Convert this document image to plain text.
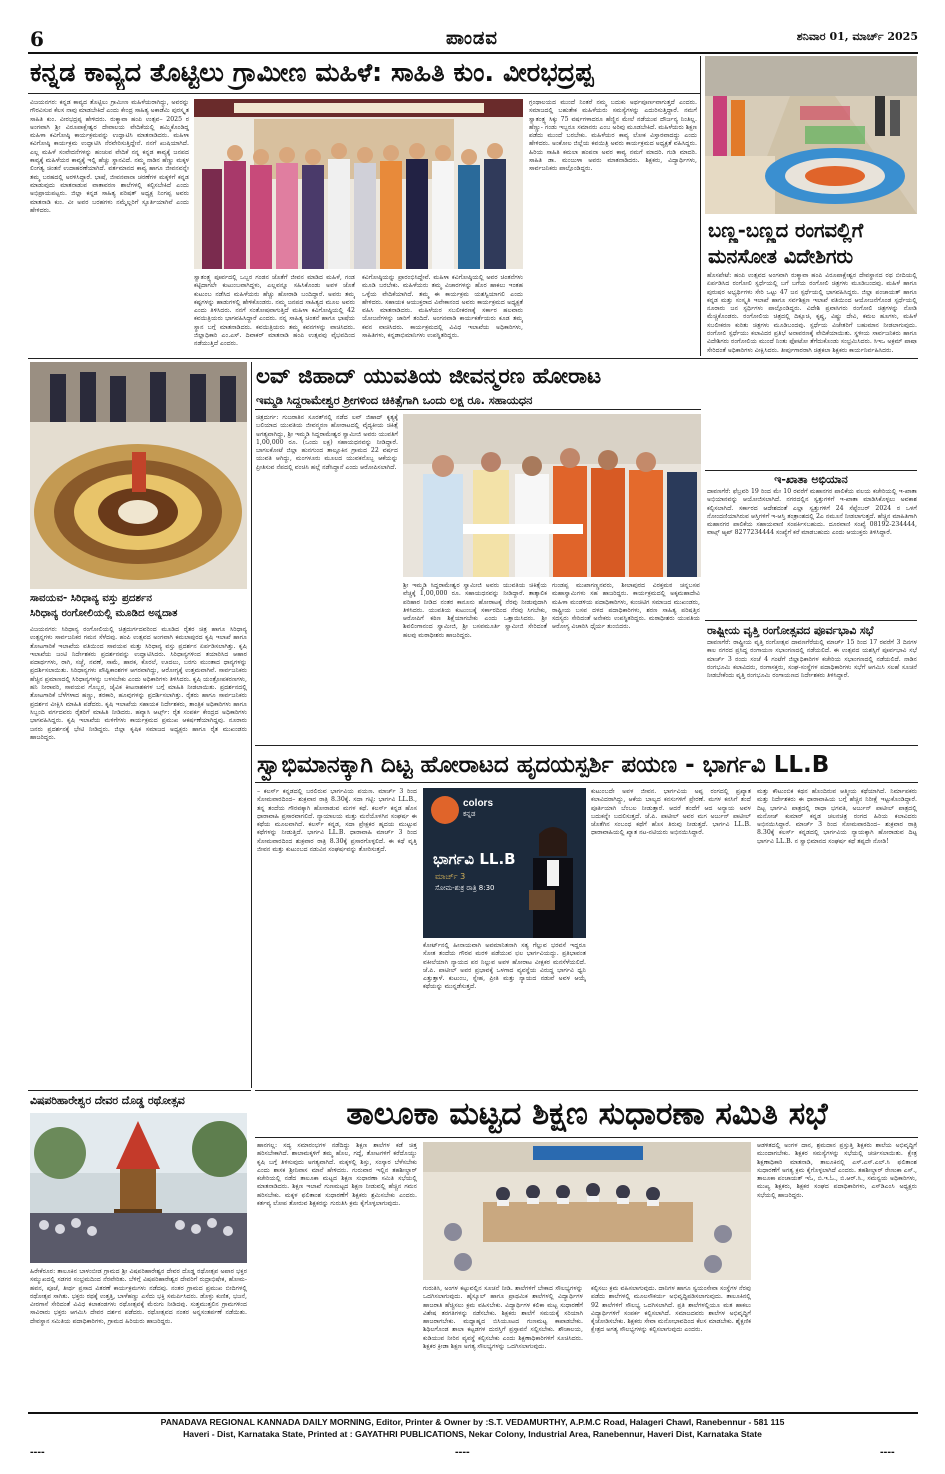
6	ಪಾಂಡವ	ಶನಿವಾರ 01, ಮಾರ್ಚ್ 2025
ಕನ್ನಡ ಕಾವ್ಯದ ತೊಟ್ಟಿಲು ಗ್ರಾಮೀಣ ಮಹಿಳೆ: ಸಾಹಿತಿ ಕುಂ. ವೀರಭದ್ರಪ್ಪ
ವಿಜಯನಗರ: ಕನ್ನಡ ಕಾವ್ಯದ ತೊಟ್ಟಿಲು ಗ್ರಾಮೀಣ ಮಹಿಳೆಯರಾಗಿದ್ದು, ಅವರನ್ನು ಗೌರವಿಸುವ ಕೆಲಸ ನಾವು ಮಾಡಬೇಕಿದೆ ಎಂದು ಕೇಂದ್ರ ಸಾಹಿತ್ಯ ಅಕಾಡೆಮಿ ಪುರಸ್ಕೃತ ಸಾಹಿತಿ ಕುಂ. ವೀರಭದ್ರಪ್ಪ ಹೇಳಿದರು. ರುಕ್ಮಾವಾ ಹಂಪಿ ಉತ್ಸವ– 2025 ರ ಅಂಗವಾಗಿ ಶ್ರೀ ವಿರೂಪಾಕ್ಷೇಶ್ವರ ದೇವಾಲಯ ವೇದಿಕೆಯಲ್ಲಿ ಹಮ್ಮಿಕೊಂಡಿದ್ದ ಮಹಿಳಾ ಕವಿಗೋಷ್ಠಿ ಕಾರ್ಯಕ್ರಮವನ್ನು ಉದ್ಘಾಟಿಸಿ ಮಾತನಾಡಿದರು. ಮಹಿಳಾ ಕವಿಗೋಷ್ಠಿ ಕಾರ್ಯಕ್ರಮ ಉದ್ಘಾಟಿಸಿ ನೆರವೇರಿಸುತ್ತಿದ್ದೇನೆ. ನನಗೆ ಖುಷಿಯಾಗಿದೆ. ಎಲ್ಲ ಮಹಿಳೆ ಸಂವೇದನೆಗಳನ್ನು ಹಂಚುವ ವೇದಿಕೆ ನನ್ನ ಕನ್ನಡ ಕಾವ್ಯಕ್ಕೆ ಜನಪದ ಕಾವ್ಯಕ್ಕೆ ಮಹಿಳೆಯರ ಕಾವ್ಯಕ್ಕೆ ಇಲ್ಲಿ ಹೆಚ್ಚು ಸ್ಥಾನವಿದೆ. ನಮ್ಮ ನಾಡಿನ ಹೆಣ್ಣು ಮಕ್ಕಳ ಲಿಂಗತ್ವ ಚಿಂತನೆ ಉದಾಹರಣೆಯಾಗಿದೆ. ವರ್ತಮಾನದ ಕಾವ್ಯ ಹಾಗೂ ಜೀವನವನ್ನೇ ತಮ್ಮ ಬರಹದಲ್ಲಿ ಅರಳಿಸಿದ್ದಾರೆ. ಭಾಷೆ, ಜೀವನವಾನಾ ಚರಣೆಗಳ ಮಕ್ಕಳಿಗೆ ಕನ್ನಡ ಮಾಡುವುದು ಮಾತನಾಡುವ ವಾತಾವರಣ ಶಾಲೆಗಳಲ್ಲಿ ಕಲ್ಪಿಸಬೇಕಿದೆ ಎಂದು ಅಭಿಪ್ರಾಯಪಟ್ಟರು. ಜಿಲ್ಲಾ ಕನ್ನಡ ಸಾಹಿತ್ಯ ಪರಿಷತ್ ಅಧ್ಯಕ್ಷ ನಿಂಗಪ್ಪ ಅವರು ಮಾತನಾಡಿ ಕುಂ. ವೀ ಅವರ ಬರಹಗಳು ನಮ್ಮೆಲ್ಲರಿಗೆ ಸ್ಫೂರ್ತಿಯಾಗಿವೆ ಎಂದು ಹೇಳಿದರು.
ಸ್ವಾತಂತ್ರ್ಯ ಪೂರ್ವದಲ್ಲಿ ಒಬ್ಬರ ಗಂಡನ ಜೊತೆಗೆ ಜೀವನ ಮಾಡಿದ ಮಹಿಳೆ, ಗಂಡ ಕಟ್ಟಿದಾಗಲೇ ಕುಟುಂಬವಾಗಿದ್ದಳು, ಎಲ್ಲವನ್ನೂ ಸಹಿಸಿಕೊಂಡು ಅವಳ ಜೊತೆ ಕುಟುಂಬ ನಡೆಸಿದ ಮಹಿಳೆಯರು ಹೆಚ್ಚು ಹೋರಾಡಿ ಬಂದಿದ್ದಾರೆ. ಅವರು ತಮ್ಮ ಕಷ್ಟಗಳನ್ನು ಹಾಡುಗಳಲ್ಲಿ ಹೇಳಿಕೊಂಡರು. ನಮ್ಮ ಜನಪದ ಸಾಹಿತ್ಯದ ಮೂಲ ಅವರು ಎಂದು ತಿಳಿಸಿದರು. ನನಗೆ ಸಂತೋಷವಾಗುತ್ತಿದೆ ಮಹಿಳಾ ಕವಿಗೋಷ್ಠಿಯಲ್ಲಿ 42 ಕವಯಿತ್ರಿಯರು ಭಾಗವಹಿಸಿದ್ದಾರೆ ಎಂದರು. ನನ್ನ ಸಾಹಿತ್ಯ ಚಿಂತನೆ ಹಾಗೂ ಭಾಷೆಯ ಸ್ಥಾನ ಬಗ್ಗೆ ಮಾತನಾಡಿದರು. ಕವಯಿತ್ರಿಯರು ತಮ್ಮ ಕವನಗಳನ್ನು ವಾಚಿಸಿದರು. ಜಿಲ್ಲಾಧಿಕಾರಿ ಎಂ.ಎಸ್. ದಿವಾಕರ್ ಮಾತನಾಡಿ ಹಂಪಿ ಉತ್ಸವವು ವೈಭವದಿಂದ ನಡೆಯುತ್ತಿದೆ ಎಂದರು.
ಕವಿಗೋಷ್ಠಿಯನ್ನು ಪ್ರಾರಂಭಿಸಿದ್ದೇವೆ. ಮಹಿಳಾ ಕವಿಗೋಷ್ಠಿಯಲ್ಲಿ ಅವರ ಚಿಂತನೆಗಳು ಮೂಡಿ ಬರಬೇಕು. ಮಹಿಳೆಯರು ತಮ್ಮ ವಿಚಾರಗಳನ್ನು ಹೊರ ಹಾಕಲು ಇಂತಹ ಒಳ್ಳೆಯ ವೇದಿಕೆಯಾಗಿದೆ. ತಮ್ಮ ಈ ಕಾರ್ಯಕ್ರಮ ಯಶಸ್ವಿಯಾಗಲಿ ಎಂದು ಹೇಳಿದರು. ಸಹಾಯಕ ಆಯುಕ್ತರಾದ ವಿವೇಕಾನಂದ ಅವರು ಕಾರ್ಯಕ್ರಮದ ಅಧ್ಯಕ್ಷತೆ ವಹಿಸಿ ಮಾತನಾಡಿದರು. ಮಹಿಳೆಯರ ಸಬಲೀಕರಣಕ್ಕೆ ಸರ್ಕಾರ ಹಲವಾರು ಯೋಜನೆಗಳನ್ನು ಜಾರಿಗೆ ತಂದಿದೆ. ಅಂಗನವಾಡಿ ಕಾರ್ಯಕರ್ತೆಯರು ಕೂಡ ತಮ್ಮ ಕವನ ವಾಚಿಸಿದರು. ಕಾರ್ಯಕ್ರಮದಲ್ಲಿ ವಿವಿಧ ಇಲಾಖೆಯ ಅಧಿಕಾರಿಗಳು, ಸಾಹಿತಿಗಳು, ಕನ್ನಡಾಭಿಮಾನಿಗಳು ಉಪಸ್ಥಿತರಿದ್ದರು.
ಗ್ರಂಥಾಲಯದ ಮುಂದೆ ನಿಂತರೆ ನಮ್ಮ ಬದುಕು ಅರ್ಥಪೂರ್ಣವಾಗುತ್ತದೆ ಎಂದರು. ಸಮಾಜದಲ್ಲಿ ಬಹುತೇಕ ಮಹಿಳೆಯರು ಸಮಸ್ಯೆಗಳನ್ನು ಎದುರಿಸುತ್ತಿದ್ದಾರೆ. ನಮಗೆ ಸ್ವಾತಂತ್ರ್ಯ ಸಿಕ್ಕು 75 ವರ್ಷಗಳಾದರೂ ಹೆಣ್ಣಿನ ಮೇಲೆ ನಡೆಯುವ ದೌರ್ಜನ್ಯ ನಿಂತಿಲ್ಲ. ಹೆಣ್ಣು- ಗಂಡು ಇಬ್ಬರೂ ಸಮಾನರು ಎಂಬ ಅರಿವು ಮೂಡಬೇಕಿದೆ. ಮಹಿಳೆಯರು ಶಿಕ್ಷಣ ಪಡೆದು ಮುಂದೆ ಬರಬೇಕು. ಮಹಿಳೆಯರ ಕಾವ್ಯ ಲೋಕ ವಿಸ್ತಾರವಾದದ್ದು ಎಂದು ಹೇಳಿದರು. ಅಂಕೋಲ ಜಿಲ್ಲೆಯ ಕವಯಿತ್ರಿ ಅವರು ಕಾರ್ಯಕ್ರಮದ ಅಧ್ಯಕ್ಷತೆ ವಹಿಸಿದ್ದರು. ಹಿರಿಯ ಸಾಹಿತಿ ಕಮಲಾ ಹಂಪನಾ ಅವರ ಕಾವ್ಯ ನಮಗೆ ಮಾದರಿ. ಗುಡಿ ಮಾದರಿ. ಸಾಹಿತಿ ಡಾ. ಮಂಜುಳಾ ಅವರು ಮಾತನಾಡಿದರು. ಶಿಕ್ಷಕರು, ವಿದ್ಯಾರ್ಥಿಗಳು, ಸಾರ್ವಜನಿಕರು ಪಾಲ್ಗೊಂಡಿದ್ದರು.
ಬಣ್ಣ-ಬಣ್ಣದ ರಂಗವಲ್ಲಿಗೆ
ಮನಸೋತ ವಿದೇಶಿಗರು
ಹೊಸಪೇಟೆ: ಹಂಪಿ ಉತ್ಸವದ ಅಂಗವಾಗಿ ರುಕ್ಮಾವಾ ಹಂಪಿ ವಿರೂಪಾಕ್ಷೇಶ್ವರ ದೇವಸ್ಥಾನದ ರಥ ಬೀದಿಯಲ್ಲಿ ಏರ್ಪಡಿಸಿದ ರಂಗೋಲಿ ಸ್ಪರ್ಧೆಯಲ್ಲಿ ಬಗೆ ಬಗೆಯ ರಂಗೋಲಿ ಚಿತ್ರಗಳು ಮೂಡಿಬಂದವು. ಮಹಿಳೆ ಹಾಗೂ ಪುರುಷರ ಅಭ್ಯರ್ಥಿಗಳು ಸೇರಿ ಒಟ್ಟು 47 ಜನ ಸ್ಪರ್ಧೆಯಲ್ಲಿ ಭಾಗವಹಿಸಿದ್ದರು. ಜಿಲ್ಲಾ ಪಂಚಾಯತ್ ಹಾಗೂ ಕನ್ನಡ ಮತ್ತು ಸಂಸ್ಕೃತಿ ಇಲಾಖೆ ಹಾಗೂ ಸರ್ವಶಿಕ್ಷಣ ಇಲಾಖೆ ವತಿಯಿಂದ ಆಯೋಜನೆಗೊಂಡ ಸ್ಪರ್ಧೆಯಲ್ಲಿ ನೂರಾರು ಜನ ಸ್ಪರ್ಧಿಗಳು ಪಾಲ್ಗೊಂಡಿದ್ದರು. ವಿದೇಶಿ ಪ್ರವಾಸಿಗರು ರಂಗೋಲಿ ಚಿತ್ರಗಳನ್ನು ನೋಡಿ ಮೆಚ್ಚಿಕೊಂಡರು. ರಂಗೋಲಿಯ ಚಿತ್ರದಲ್ಲಿ ದಿಕ್ಸೂಚಿ, ಕೃಷ್ಣ, ವಿಷ್ಣು ದೇವಿ, ಕಮಲ ಹೂಗಳು, ಮಹಿಳೆ ಸಬಲೀಕರಣ ಕುರಿತು ಚಿತ್ರಗಳು ಮೂಡಿಬಂದವು. ಸ್ಪರ್ಧೆಯ ವಿಜೇತರಿಗೆ ಬಹುಮಾನ ನೀಡಲಾಗುವುದು. ರಂಗೋಲಿ ಸ್ಪರ್ಧೆಯು ಕಲಾವಿದರ ಪ್ರತಿಭೆ ಅನಾವರಣಕ್ಕೆ ವೇದಿಕೆಯಾಯಿತು. ಸ್ಥಳೀಯ ಸಾರ್ವಜನಿಕರು ಹಾಗೂ ವಿದೇಶಿಗರು ರಂಗೋಲಿಯ ಮುಂದೆ ನಿಂತು ಫೋಟೋ ತೆಗೆದುಕೊಂಡು ಸಂಭ್ರಮಿಸಿದರು. ಸಿಇಒ ಅಕ್ರಮ್ ಪಾಷಾ ಸೇರಿದಂತೆ ಅಧಿಕಾರಿಗಳು ವೀಕ್ಷಿಸಿದರು. ತೀರ್ಪುಗಾರರಾಗಿ ಚಿತ್ರಕಲಾ ಶಿಕ್ಷಕರು ಕಾರ್ಯನಿರ್ವಹಿಸಿದರು.
ಇ-ಖಾತಾ ಅಭಿಯಾನ
ದಾವಣಗೆರೆ: ಫೆಬ್ರವರಿ 19 ರಿಂದ ಮೇ 10 ರವರೆಗೆ ಮಹಾನಗರ ಪಾಲಿಕೆಯ ವಲಯ ಕಚೇರಿಯಲ್ಲಿ ಇ-ಖಾತಾ ಅಭಿಯಾನವನ್ನು ಆಯೋಜಿಸಲಾಗಿದೆ. ನಗರದಲ್ಲಿನ ಸ್ವತ್ತುಗಳಿಗೆ ಇ-ಖಾತಾ ಮಾಡಿಸಿಕೊಳ್ಳಲು ಅವಕಾಶ ಕಲ್ಪಿಸಲಾಗಿದೆ. ಸರ್ಕಾರದ ಆದೇಶದಂತೆ ಎಲ್ಲಾ ಸ್ವತ್ತುಗಳಿಗೆ 24 ಸೆಪ್ಟೆಂಬರ್ 2024 ರ ಒಳಗೆ ನೋಂದಣಿಯಾಗಿರುವ ಆಸ್ತಿಗಳಿಗೆ ಇ-ಆಸ್ತಿ ತಂತ್ರಾಂಶದಲ್ಲಿ 2ಎ ನಮೂನೆ ನೀಡಲಾಗುತ್ತದೆ. ಹೆಚ್ಚಿನ ಮಾಹಿತಿಗಾಗಿ ಮಹಾನಗರ ಪಾಲಿಕೆಯ ಸಹಾಯವಾಣಿ ಸಂಪರ್ಕಿಸಬಹುದು. ದೂರವಾಣಿ ಸಂಖ್ಯೆ 08192-234444, ವಾಟ್ಸ್ ಆ್ಯಪ್ 8277234444 ಸಂಖ್ಯೆಗೆ ಕರೆ ಮಾಡಬಹುದು ಎಂದು ಆಯುಕ್ತರು ತಿಳಿಸಿದ್ದಾರೆ.
ರಾಷ್ಟ್ರೀಯ ವೃತ್ತಿ ರಂಗೋತ್ಸವದ ಪೂರ್ವಭಾವಿ ಸಭೆ
ದಾವಣಗೆರೆ: ರಾಷ್ಟ್ರೀಯ ವೃತ್ತಿ ರಂಗೋತ್ಸವ ದಾವಣಗೆರೆಯಲ್ಲಿ ಮಾರ್ಚ್ 15 ರಿಂದ 17 ರವರೆಗೆ 3 ದಿನಗಳ ಕಾಲ ನಗರದ ಪ್ರಸಿದ್ಧ ರಂಗಾಯಣ ಸಭಾಂಗಣದಲ್ಲಿ ನಡೆಯಲಿದೆ. ಈ ಉತ್ಸವದ ಯಶಸ್ಸಿಗೆ ಪೂರ್ವಭಾವಿ ಸಭೆ ಮಾರ್ಚ್ 3 ರಂದು ಸಂಜೆ 4 ಗಂಟೆಗೆ ಜಿಲ್ಲಾಧಿಕಾರಿಗಳ ಕಚೇರಿಯ ಸಭಾಂಗಣದಲ್ಲಿ ನಡೆಯಲಿದೆ. ನಾಡಿನ ರಂಗಭೂಮಿ ಕಲಾವಿದರು, ರಂಗಾಸಕ್ತರು, ಸಂಘ-ಸಂಸ್ಥೆಗಳ ಪದಾಧಿಕಾರಿಗಳು ಸಭೆಗೆ ಆಗಮಿಸಿ ಸಲಹೆ ಸೂಚನೆ ನೀಡಬೇಕೆಂದು ವೃತ್ತಿ ರಂಗಭೂಮಿ ರಂಗಾಯಣದ ನಿರ್ದೇಶಕರು ತಿಳಿಸಿದ್ದಾರೆ.
ಸಾವಯವ- ಸಿರಿಧಾನ್ಯ ವಸ್ತು ಪ್ರದರ್ಶನ
ಸಿರಿಧಾನ್ಯ ರಂಗೋಲಿಯಲ್ಲಿ ಮೂಡಿದ ಅನ್ನದಾತ
ವಿಜಯನಗರ: ಸಿರಿಧಾನ್ಯ ರಂಗೋಲಿಯಲ್ಲಿ ಚಿತ್ರದುರ್ಗದವರಿಂದ ಮೂಡಿದ ರೈತರ ಚಿತ್ರ ಹಾಗೂ ಸಿರಿಧಾನ್ಯ ಉತ್ಪನ್ನಗಳು ಸಾರ್ವಜನಿಕರ ಗಮನ ಸೆಳೆದವು. ಹಂಪಿ ಉತ್ಸವದ ಅಂಗವಾಗಿ ಕಮಲಾಪುರದ ಕೃಷಿ ಇಲಾಖೆ ಹಾಗೂ ತೋಟಗಾರಿಕೆ ಇಲಾಖೆಯ ವತಿಯಿಂದ ಸಾವಯವ ಮತ್ತು ಸಿರಿಧಾನ್ಯ ವಸ್ತು ಪ್ರದರ್ಶನ ಏರ್ಪಡಿಸಲಾಗಿತ್ತು. ಕೃಷಿ ಇಲಾಖೆಯ ಜಂಟಿ ನಿರ್ದೇಶಕರು ಪ್ರದರ್ಶನವನ್ನು ಉದ್ಘಾಟಿಸಿದರು. ಸಿರಿಧಾನ್ಯಗಳಿಂದ ತಯಾರಿಸಿದ ಆಹಾರ ಪದಾರ್ಥಗಳು, ರಾಗಿ, ಸಜ್ಜೆ, ನವಣೆ, ಸಾಮೆ, ಹಾರಕ, ಕೊರಲೆ, ಊದಲು, ಬರಗು ಮುಂತಾದ ಧಾನ್ಯಗಳನ್ನು ಪ್ರದರ್ಶಿಸಲಾಯಿತು. ಸಿರಿಧಾನ್ಯಗಳು ಪೌಷ್ಟಿಕಾಂಶಗಳ ಆಗರವಾಗಿದ್ದು, ಆರೋಗ್ಯಕ್ಕೆ ಉತ್ತಮವಾಗಿವೆ. ಸಾರ್ವಜನಿಕರು ಹೆಚ್ಚಿನ ಪ್ರಮಾಣದಲ್ಲಿ ಸಿರಿಧಾನ್ಯಗಳನ್ನು ಬಳಸಬೇಕು ಎಂದು ಅಧಿಕಾರಿಗಳು ತಿಳಿಸಿದರು. ಕೃಷಿ ಯಂತ್ರೋಪಕರಣಗಳು, ಹನಿ ನೀರಾವರಿ, ಸಾವಯವ ಗೊಬ್ಬರ, ಜೈವಿಕ ಕೀಟನಾಶಕಗಳ ಬಗ್ಗೆ ಮಾಹಿತಿ ನೀಡಲಾಯಿತು. ಪ್ರದರ್ಶನದಲ್ಲಿ ತೋಟಗಾರಿಕೆ ಬೆಳೆಗಳಾದ ಹಣ್ಣು, ತರಕಾರಿ, ಹೂವುಗಳನ್ನು ಪ್ರದರ್ಶಿಸಲಾಗಿತ್ತು. ರೈತರು ಹಾಗೂ ಸಾರ್ವಜನಿಕರು ಪ್ರದರ್ಶನ ವೀಕ್ಷಿಸಿ ಮಾಹಿತಿ ಪಡೆದರು. ಕೃಷಿ ಇಲಾಖೆಯ ಸಹಾಯಕ ನಿರ್ದೇಶಕರು, ತಾಂತ್ರಿಕ ಅಧಿಕಾರಿಗಳು ಹಾಗೂ ಸಿಬ್ಬಂದಿ ವರ್ಗದವರು ರೈತರಿಗೆ ಮಾಹಿತಿ ನೀಡಿದರು. ಹವ್ಯಾಸಿ ಆರ್ಟ್ಸ್: ರೈತ ಸಂಪರ್ಕ ಕೇಂದ್ರದ ಅಧಿಕಾರಿಗಳು ಭಾಗವಹಿಸಿದ್ದರು. ಕೃಷಿ ಇಲಾಖೆಯ ಮಳಿಗೆಗಳು ಕಾರ್ಯಕ್ರಮದ ಪ್ರಮುಖ ಆಕರ್ಷಣೆಯಾಗಿದ್ದವು. ನೂರಾರು ಜನರು ಪ್ರದರ್ಶನಕ್ಕೆ ಭೇಟಿ ನೀಡಿದ್ದರು. ಜಿಲ್ಲಾ ಕೃಷಿಕ ಸಮಾಜದ ಅಧ್ಯಕ್ಷರು ಹಾಗೂ ರೈತ ಮುಖಂಡರು ಹಾಜರಿದ್ದರು.
ಲವ್ ಜಿಹಾದ್ ಯುವತಿಯ ಜೀವನ್ಮರಣ ಹೋರಾಟ
ಇಮ್ಮಡಿ ಸಿದ್ದರಾಮೇಶ್ವರ ಶ್ರೀಗಳಿಂದ ಚಿಕಿತ್ಸೆಗಾಗಿ ಒಂದು ಲಕ್ಷ ರೂ. ಸಹಾಯಧನ
ಚಿತ್ರದುರ್ಗ: ಗುಜರಾತಿನ ಸೂರತ್‌ನಲ್ಲಿ ನಡೆದ ಲವ್ ಜಿಹಾದ್ ಕೃತ್ಯಕ್ಕೆ ಬಲಿಯಾದ ಯುವತಿಯ ಜೀವನ್ಮರಣ ಹೋರಾಟದಲ್ಲಿ ವೈದ್ಯಕೀಯ ಚಿಕಿತ್ಸೆ ಅಗತ್ಯವಾಗಿದ್ದು, ಶ್ರೀ ಇಮ್ಮಡಿ ಸಿದ್ದರಾಮೇಶ್ವರ ಸ್ವಾಮೀಜಿ ಅವರು ಯುವತಿಗೆ 1,00,000 ರೂ. (ಒಂದು ಲಕ್ಷ) ಸಹಾಯಧನವನ್ನು ನೀಡಿದ್ದಾರೆ. ಬಾಗಲಕೋಟೆ ಜಿಲ್ಲಾ ಹುನಗುಂದ ತಾಲ್ಲೂಕಿನ ಗ್ರಾಮದ 22 ವರ್ಷದ ಯುವತಿ ಆಗಿದ್ದು, ಮಂಗಳೂರು ಮೂಲದ ಯುವಕನೊಬ್ಬ ಆಕೆಯನ್ನು ಪ್ರೀತಿಸುವ ನೆಪದಲ್ಲಿ ವಂಚಿಸಿ ಹಲ್ಲೆ ನಡೆಸಿದ್ದಾನೆ ಎಂದು ಆರೋಪಿಸಲಾಗಿದೆ.
ಶ್ರೀ ಇಮ್ಮಡಿ ಸಿದ್ದರಾಮೇಶ್ವರ ಸ್ವಾಮೀಜಿ ಅವರು ಯುವತಿಯ ಚಿಕಿತ್ಸೆಯ ವೆಚ್ಚಕ್ಕೆ 1,00,000 ರೂ. ಸಹಾಯಧನವನ್ನು ನೀಡಿದ್ದಾರೆ. ತಾತ್ಕಾಲಿಕ ಪರಿಹಾರ ನೀಡಿದ ನಂತರ ಕಾನೂನು ಹೋರಾಟಕ್ಕೆ ನೆರವು ನೀಡುವುದಾಗಿ ತಿಳಿಸಿದರು. ಯುವತಿಯ ಕುಟುಂಬಕ್ಕೆ ಸರ್ಕಾರದಿಂದ ನೆರವು ಸಿಗಬೇಕು, ಆರೋಪಿಗೆ ಕಠಿಣ ಶಿಕ್ಷೆಯಾಗಬೇಕು ಎಂದು ಒತ್ತಾಯಿಸಿದರು. ಶ್ರೀ ಶಿವಲಿಂಗಾನಂದ ಸ್ವಾಮೀಜಿ, ಶ್ರೀ ಬಸವಮೂರ್ತಿ ಸ್ವಾಮೀಜಿ ಸೇರಿದಂತೆ ಹಲವು ಮಠಾಧೀಶರು ಹಾಜರಿದ್ದರು.
ಗುಂಡಪ್ಪ ಮುಖಾಗಣ್ಣನವರು, ಶೀಲಾಪುರದ ವಿರಕ್ತಮಠ ಚನ್ನಬಸವ ಮಹಾಸ್ವಾಮಿಗಳು ಸಹ ಹಾಜರಿದ್ದರು. ಕಾರ್ಯಕ್ರಮದಲ್ಲಿ ಅಕ್ಕಮಹಾದೇವಿ ಮಹಿಳಾ ಮಂಡಳಿಯ ಪದಾಧಿಕಾರಿಗಳು, ಕುಂಚಿಟಿಗ ಸಮಾಜದ ಮುಖಂಡರು, ರಾಷ್ಟ್ರೀಯ ಬಸವ ದಳದ ಪದಾಧಿಕಾರಿಗಳು, ಶರಣ ಸಾಹಿತ್ಯ ಪರಿಷತ್ತಿನ ಸದಸ್ಯರು ಸೇರಿದಂತೆ ಅನೇಕರು ಉಪಸ್ಥಿತರಿದ್ದರು. ಮಠಾಧೀಶರು ಯುವತಿಯ ಆರೋಗ್ಯ ವಿಚಾರಿಸಿ ಧೈರ್ಯ ತುಂಬಿದರು.
ಸ್ವಾಭಿಮಾನಕ್ಕಾಗಿ ದಿಟ್ಟ ಹೋರಾಟದ ಹೃದಯಸ್ಪರ್ಶಿ ಪಯಣ - ಭಾರ್ಗವಿ LL.B
– ಕಲರ್ಸ್ ಕನ್ನಡದಲ್ಲಿ ಬರಲಿರುವ ಭಾರ್ಗವಿಯ ಪಯಣ. ಮಾರ್ಚ್ 3 ರಿಂದ ಸೋಮವಾರದಿಂದ– ಶುಕ್ರವಾರ ರಾತ್ರಿ 8.30ಕ್ಕೆ. ಸದಾ ಗಟ್ಟಿ: ಭಾರ್ಗವಿ LL.B., ತನ್ನ ತಂದೆಯ ಗೌರವಕ್ಕಾಗಿ ಹೋರಾಡುವ ಮಗಳ ಕಥೆ. ಕಲರ್ಸ್ ಕನ್ನಡ ಹೊಸ ಧಾರಾವಾಹಿ ಪ್ರಸಾರವಾಗಲಿದೆ. ನ್ಯಾಯಾಲಯ ಮತ್ತು ಮನೆಯೊಳಗಿನ ಸಂಘರ್ಷ ಈ ಕಥೆಯ ಮೂಲವಾಗಿದೆ. ಕಲರ್ಸ್ ಕನ್ನಡ, ಸದಾ ಪ್ರೇಕ್ಷಕರ ಹೃದಯ ಮುಟ್ಟುವ ಕಥೆಗಳನ್ನು ನೀಡುತ್ತಿದೆ. ಭಾರ್ಗವಿ LL.B. ಧಾರಾವಾಹಿ ಮಾರ್ಚ್ 3 ರಿಂದ ಸೋಮವಾರದಿಂದ ಶುಕ್ರವಾರ ರಾತ್ರಿ 8.30ಕ್ಕೆ ಪ್ರಸಾರಗೊಳ್ಳಲಿದೆ. ಈ ಕಥೆ ವೃತ್ತಿ ಜೀವನ ಮತ್ತು ಕುಟುಂಬದ ನಡುವಿನ ಸಂಘರ್ಷವನ್ನು ತೋರಿಸುತ್ತದೆ.
colors
ಕನ್ನಡ
ಭಾರ್ಗವಿ LL.B
ಮಾರ್ಚ್ 3
ಸೋಮ-ಶುಕ್ರ ರಾತ್ರಿ 8:30
ಕೋರ್ಟ್‌ನಲ್ಲಿ ಹೀನಾಯವಾಗಿ ಅವಮಾನಿತನಾಗಿ ಸತ್ಯ ಗೆಲ್ಲುವ ಭರವಸೆ ಇದ್ದರೂ ಸೋತ ತಂದೆಯ ಗೌರವ ಮರಳಿ ಪಡೆಯುವ ಛಲ ಭಾರ್ಗವಿಯದ್ದು. ಪ್ರತಿಭಾವಂತ ವಕೀಲೆಯಾಗಿ ನ್ಯಾಯದ ಪರ ನಿಲ್ಲುವ ಅವಳ ಹೋರಾಟ ವೀಕ್ಷಕರ ಮನಸೆಳೆಯಲಿದೆ. ಜೆ.ಪಿ. ಪಾಟೀಲ್ ಅವರ ಪ್ರಭಾವಕ್ಕೆ ಒಳಗಾದ ವ್ಯವಸ್ಥೆಯ ವಿರುದ್ಧ ಭಾರ್ಗವಿ ಧ್ವನಿ ಎತ್ತುತ್ತಾಳೆ. ಕುಟುಂಬ, ಸ್ನೇಹ, ಪ್ರೀತಿ ಮತ್ತು ನ್ಯಾಯದ ನಡುವೆ ಅವಳ ಆಯ್ಕೆ ಕಥೆಯನ್ನು ಮುನ್ನಡೆಸುತ್ತದೆ.
ಕುಟುಂಬದೇ ಅವಳ ಜೀವನ. ಭಾರ್ಗವಿಯ ಅಪ್ಪ ರಂಗದಲ್ಲಿ ಪ್ರಖ್ಯಾತ ಕಲಾವಿದರಾಗಿದ್ದು, ಆಕೆಯ ಬಾಲ್ಯದ ಕನಸುಗಳಿಗೆ ಪ್ರೇರಣೆ. ಮಗಳ ಕನಸಿಗೆ ತಂದೆ ಪೂರ್ತಿಯಾಗಿ ಬೆಂಬಲ ನೀಡುತ್ತಾರೆ. ಆದರೆ ತಂದೆಗೆ ಆದ ಅನ್ಯಾಯ ಅವಳ ಬದುಕನ್ನೇ ಬದಲಿಸುತ್ತದೆ. ಜೆ.ಪಿ. ಪಾಟೀಲ್ ಅವರ ಮಗ ಅರ್ಜುನ್ ಪಾಟೀಲ್ ಜೊತೆಗಿನ ಸಂಬಂಧ ಕಥೆಗೆ ಹೊಸ ತಿರುವು ನೀಡುತ್ತದೆ. ಭಾರ್ಗವಿ LL.B. ಧಾರಾವಾಹಿಯಲ್ಲಿ ಖ್ಯಾತ ನಟ-ನಟಿಯರು ಅಭಿನಯಿಸಿದ್ದಾರೆ.
ಮತ್ತು ಕೌಟುಂಬಿಕ ಕಥನ ಹೊಂದಿರುವ ಆತ್ಮೀಯ ಕಥೆಯಾಗಿದೆ. ನಿರ್ಮಾಪಕರು ಮತ್ತು ನಿರ್ದೇಶಕರು ಈ ಧಾರಾವಾಹಿಯ ಬಗ್ಗೆ ಹೆಚ್ಚಿನ ನಿರೀಕ್ಷೆ ಇಟ್ಟುಕೊಂಡಿದ್ದಾರೆ. ದಿಟ್ಟ ಭಾರ್ಗವಿ ಪಾತ್ರದಲ್ಲಿ ರಾಧಾ ಭಗವತಿ, ಅರ್ಜುನ್ ಪಾಟೀಲ್ ಪಾತ್ರದಲ್ಲಿ ಮನೋಜ್ ಕುಮಾರ್ ಕನ್ನಡ ಚಲನಚಿತ್ರ ರಂಗದ ಹಿರಿಯ ಕಲಾವಿದರು ಅಭಿನಯಿಸಿದ್ದಾರೆ. ಮಾರ್ಚ್ 3 ರಿಂದ ಸೋಮವಾರದಿಂದ– ಶುಕ್ರವಾರ ರಾತ್ರಿ 8.30ಕ್ಕೆ ಕಲರ್ಸ್ ಕನ್ನಡದಲ್ಲಿ ಭಾರ್ಗವಿಯ ನ್ಯಾಯಕ್ಕಾಗಿ ಹೋರಾಡುವ ದಿಟ್ಟ ಭಾರ್ಗವಿ LL.B. ನ ಸ್ವಾಭಿಮಾನದ ಸಂಘರ್ಷ ಕಥೆ ತಪ್ಪದೇ ನೋಡಿ!
ವಿಷಪರಿಹಾರೇಶ್ವರ ದೇವರ ದೊಡ್ಡ ರಥೋತ್ಸವ
ಹಿರೇಕೆರೂರ: ತಾಲೂಕಿನ ಬಾಳಂಬೀಡ ಗ್ರಾಮದ ಶ್ರೀ ವಿಷಪರಿಹಾರೇಶ್ವರ ದೇವರ ದೊಡ್ಡ ರಥೋತ್ಸವ ಅಪಾರ ಭಕ್ತರ ಸಮ್ಮುಖದಲ್ಲಿ ಸಡಗರ ಸಂಭ್ರಮದಿಂದ ನೆರವೇರಿತು. ಬೆಳಿಗ್ಗೆ ವಿಷಪರಿಹಾರೇಶ್ವರ ದೇವರಿಗೆ ರುದ್ರಾಭಿಷೇಕ, ಹೋಮ-ಹವನ, ಪೂಜೆ, ತೀರ್ಥ ಪ್ರಸಾದ ವಿತರಣೆ ಕಾರ್ಯಕ್ರಮಗಳು ನಡೆದವು. ನಂತರ ಗ್ರಾಮದ ಪ್ರಮುಖ ಬೀದಿಗಳಲ್ಲಿ ರಥೋತ್ಸವ ಸಾಗಿತು. ಭಕ್ತರು ರಥಕ್ಕೆ ಉತ್ತತ್ತಿ, ಬಾಳೆಹಣ್ಣು ಎಸೆದು ಭಕ್ತಿ ಸಮರ್ಪಿಸಿದರು. ಡೊಳ್ಳು ಕುಣಿತ, ಭಜನೆ, ವೀರಗಾಸೆ ಸೇರಿದಂತೆ ವಿವಿಧ ಕಲಾತಂಡಗಳು ರಥೋತ್ಸವಕ್ಕೆ ಮೆರುಗು ನೀಡಿದವು. ಸುತ್ತಮುತ್ತಲಿನ ಗ್ರಾಮಗಳಿಂದ ಸಾವಿರಾರು ಭಕ್ತರು ಆಗಮಿಸಿ ದೇವರ ದರ್ಶನ ಪಡೆದರು. ರಥೋತ್ಸವದ ನಂತರ ಅನ್ನಸಂತರ್ಪಣೆ ನಡೆಯಿತು. ದೇವಸ್ಥಾನ ಸಮಿತಿಯ ಪದಾಧಿಕಾರಿಗಳು, ಗ್ರಾಮದ ಹಿರಿಯರು ಹಾಜರಿದ್ದರು.
ತಾಲೂಕಾ ಮಟ್ಟದ ಶಿಕ್ಷಣ ಸುಧಾರಣಾ ಸಮಿತಿ ಸಭೆ
ಹಾನಗಲ್ಲ: ಸದ್ಯ ಸಮಾರಂಭಗಳ ನಡೆದಿದ್ದು ಶಿಕ್ಷಣ ಶಾಲೆಗಳ ಕಡೆ ಚಿತ್ತ ಹರಿಸಬೇಕಾಗಿದೆ. ಶಾಲಾಮಕ್ಕಳಿಗೆ ತಮ್ಮ ಹೊಲ, ಗದ್ದೆ, ತೋಟಗಳಿಗೆ ಕರೆದೊಯ್ದು ಕೃಷಿ ಬಗ್ಗೆ ತಿಳಿಸುವುದು ಅಗತ್ಯವಾಗಿದೆ. ಮಕ್ಕಳಲ್ಲಿ ಶಿಸ್ತು, ಸಂಸ್ಕಾರ ಬೆಳೆಸಬೇಕು ಎಂದು ಶಾಸಕ ಶ್ರೀನಿವಾಸ ಮಾನೆ ಹೇಳಿದರು. ಗುರುವಾರ ಇಲ್ಲಿನ ತಹಶೀಲ್ದಾರ್ ಕಚೇರಿಯಲ್ಲಿ ನಡೆದ ತಾಲೂಕಾ ಮಟ್ಟದ ಶಿಕ್ಷಣ ಸುಧಾರಣಾ ಸಮಿತಿ ಸಭೆಯಲ್ಲಿ ಮಾತನಾಡಿದರು. ಶಿಕ್ಷಣ ಇಲಾಖೆ ಗುಣಮಟ್ಟದ ಶಿಕ್ಷಣ ನೀಡುವಲ್ಲಿ ಹೆಚ್ಚಿನ ಗಮನ ಹರಿಸಬೇಕು. ಮಕ್ಕಳ ಫಲಿತಾಂಶ ಸುಧಾರಣೆಗೆ ಶಿಕ್ಷಕರು ಶ್ರಮಿಸಬೇಕು ಎಂದರು. ಕರ್ತವ್ಯ ಲೋಪ ತೋರುವ ಶಿಕ್ಷಕರನ್ನು ಗುರುತಿಸಿ ಕ್ರಮ ಕೈಗೊಳ್ಳಲಾಗುವುದು.
ಗುರುತಿಸಿ, ಅಂಗಳ ಕಟ್ಟುವಲ್ಲಿನ ಸೂಚನೆ ನೀಡಿ. ಶಾಲೆಗಳಿಗೆ ಬೇಕಾದ ಸೌಲಭ್ಯಗಳನ್ನು ಒದಗಿಸಲಾಗುವುದು. ಹೈಸ್ಕೂಲ್ ಹಾಗೂ ಪ್ರಾಥಮಿಕ ಶಾಲೆಗಳಲ್ಲಿ ವಿದ್ಯಾರ್ಥಿಗಳ ಹಾಜರಾತಿ ಹೆಚ್ಚಿಸಲು ಕ್ರಮ ವಹಿಸಬೇಕು. ವಿದ್ಯಾರ್ಥಿಗಳ ಕಲಿಕಾ ಮಟ್ಟ ಸುಧಾರಣೆಗೆ ವಿಶೇಷ ತರಗತಿಗಳನ್ನು ನಡೆಸಬೇಕು. ಶಿಕ್ಷಕರು ಶಾಲೆಗೆ ಸಮಯಕ್ಕೆ ಸರಿಯಾಗಿ ಹಾಜರಾಗಬೇಕು. ಮಧ್ಯಾಹ್ನದ ಬಿಸಿಯೂಟದ ಗುಣಮಟ್ಟ ಕಾಪಾಡಬೇಕು. ಶಿಥಿಲಗೊಂಡ ಶಾಲಾ ಕಟ್ಟಡಗಳ ದುರಸ್ತಿಗೆ ಪ್ರಸ್ತಾವನೆ ಸಲ್ಲಿಸಬೇಕು. ಶೌಚಾಲಯ, ಕುಡಿಯುವ ನೀರಿನ ವ್ಯವಸ್ಥೆ ಕಲ್ಪಿಸಬೇಕು ಎಂದು ಶಿಕ್ಷಣಾಧಿಕಾರಿಗಳಿಗೆ ಸೂಚಿಸಿದರು. ಶಿಕ್ಷಕರ ಕ್ರೀಡಾ ಶಿಕ್ಷಣ ಅಗತ್ಯ ಸೌಲಭ್ಯಗಳನ್ನು ಒದಗಿಸಲಾಗುವುದು.
ಕಲ್ಪಿಸಲು ಕ್ರಮ ವಹಿಸಲಾಗುವುದು. ದಾನಿಗಳ ಹಾಗೂ ಸ್ವಯಂಸೇವಾ ಸಂಸ್ಥೆಗಳ ನೆರವು ಪಡೆದು ಶಾಲೆಗಳಲ್ಲಿ ಮೂಲಸೌಕರ್ಯ ಅಭಿವೃದ್ಧಿಪಡಿಸಲಾಗುವುದು. ತಾಲೂಕಿನಲ್ಲಿ 92 ಶಾಲೆಗಳಿಗೆ ಸೌಲಭ್ಯ ಒದಗಿಸಲಾಗಿದೆ. ಪ್ರತಿ ಶಾಲೆಗಳಲ್ಲಿಯೂ ಮತ ಹಾಕಲು ವಿದ್ಯಾರ್ಥಿಗಳಿಗೆ ಸಂಪರ್ಕ ಕಲ್ಪಿಸಲಾಗಿದೆ. ಸಮಾಜದವರು ಶಾಲೆಗಳ ಅಭಿವೃದ್ಧಿಗೆ ಕೈಜೋಡಿಸಬೇಕು. ಶಿಕ್ಷಕರು ಸೇವಾ ಮನೋಭಾವದಿಂದ ಕೆಲಸ ಮಾಡಬೇಕು. ಶೈಕ್ಷಣಿಕ ಕ್ಷೇತ್ರದ ಅಗತ್ಯ ಸೌಲಭ್ಯಗಳನ್ನು ಕಲ್ಪಿಸಲಾಗುವುದು ಎಂದರು.
ಆಡಳಿತದಲ್ಲಿ ಅಂಗಳ ದಾನ, ಶ್ರಮದಾನ ಪ್ರಸ್ತುತ್ತಿ ಶಿಕ್ಷಕರು ಶಾಲೆಯ ಅಭಿವೃದ್ಧಿಗೆ ಮುಂದಾಗಬೇಕು. ಶಿಕ್ಷಕರ ಸಮಸ್ಯೆಗಳನ್ನು ಸಭೆಯಲ್ಲಿ ಚರ್ಚಿಸಲಾಯಿತು. ಕ್ಷೇತ್ರ ಶಿಕ್ಷಣಾಧಿಕಾರಿ ಮಾತನಾಡಿ, ತಾಲೂಕಿನಲ್ಲಿ ಎಸ್.ಎಸ್.ಎಲ್.ಸಿ ಫಲಿತಾಂಶ ಸುಧಾರಣೆಗೆ ಅಗತ್ಯ ಕ್ರಮ ಕೈಗೊಳ್ಳಲಾಗಿದೆ ಎಂದರು. ತಹಶೀಲ್ದಾರ್ ರೇಣುಕಾ ಎಸ್., ತಾಲೂಕಾ ಪಂಚಾಯತ್ ಇಓ, ಬಿ.ಇ.ಓ., ಬಿ.ಆರ್.ಸಿ., ಸಮನ್ವಯ ಅಧಿಕಾರಿಗಳು, ಮುಖ್ಯ ಶಿಕ್ಷಕರು, ಶಿಕ್ಷಕರ ಸಂಘದ ಪದಾಧಿಕಾರಿಗಳು, ಎಸ್‌ಡಿಎಂಸಿ ಅಧ್ಯಕ್ಷರು ಸಭೆಯಲ್ಲಿ ಹಾಜರಿದ್ದರು.
PANADAVA REGIONAL KANNADA DAILY MORNING, Editor, Printer & Owner by :S.T. VEDAMURTHY, A.P.M.C Road, Halageri Chawl, Ranebennur - 581 115
Haveri - Dist, Karnataka State, Printed at : GAYATHRI PUBLICATIONS, Nekar Colony, Industrial Area, Ranebennur, Haveri Dist, Karnataka State
----	----	----
